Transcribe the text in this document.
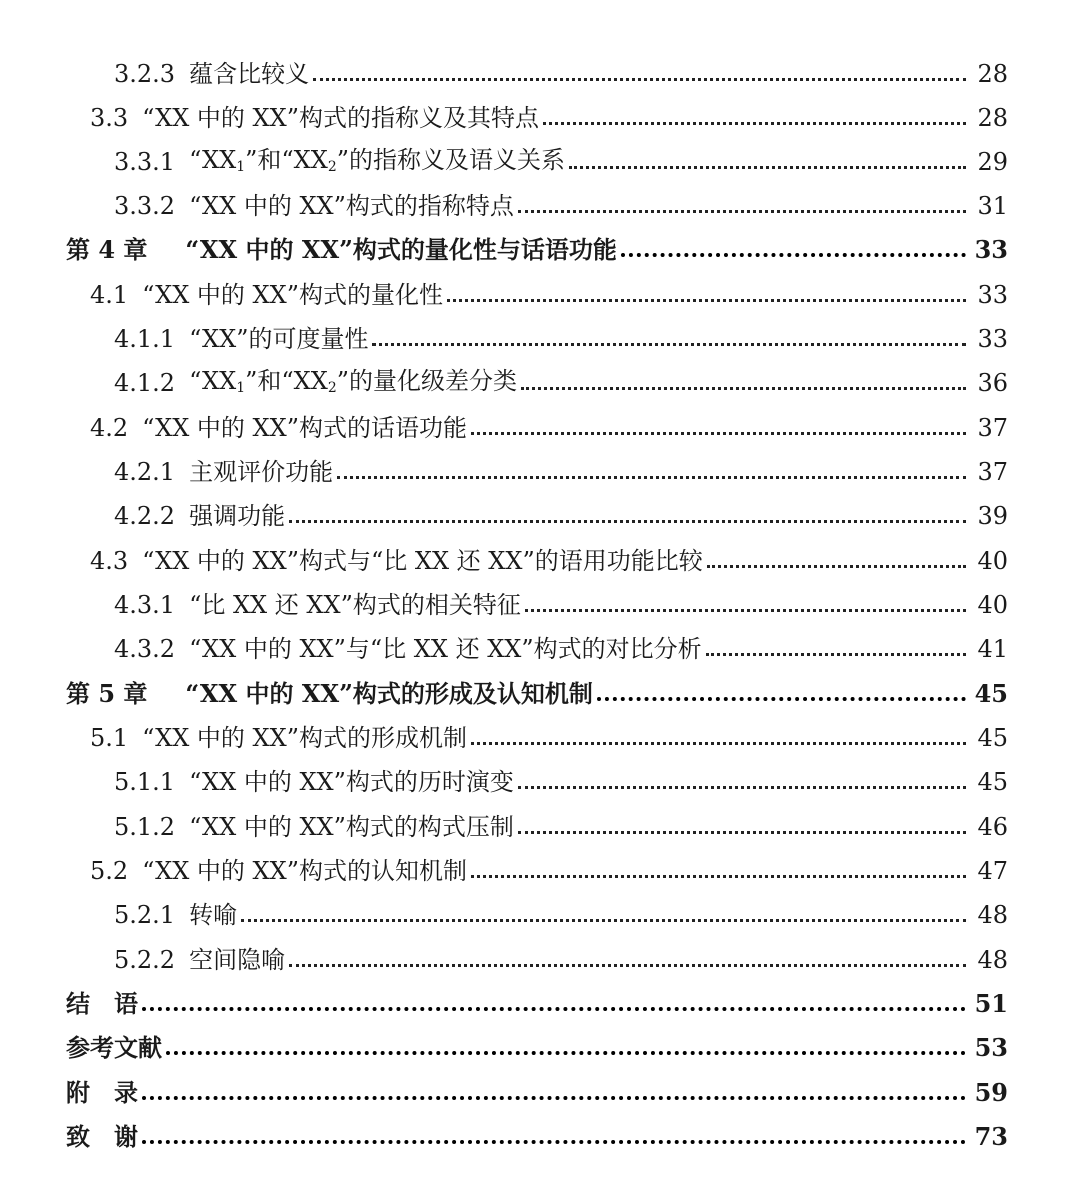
3.2.3 蕴含比较义	28
3.3 “XX 中的 XX”构式的指称义及其特点	28
3.3.1 “$XX_1$”和“$XX_2$”的指称义及语义关系	29
3.3.2 “XX 中的 XX”构式的指称特点	31
第 4 章 “XX 中的 XX”构式的量化性与话语功能	33
4.1 “XX 中的 XX”构式的量化性	33
4.1.1 “XX”的可度量性	33
4.1.2 “$XX_1$”和“$XX_2$”的量化级差分类	36
4.2 “XX 中的 XX”构式的话语功能	37
4.2.1 主观评价功能	37
4.2.2 强调功能	39
4.3 “XX 中的 XX”构式与“比 XX 还 XX”的语用功能比较	40
4.3.1 “比 XX 还 XX”构式的相关特征	40
4.3.2 “XX 中的 XX”与“比 XX 还 XX”构式的对比分析	41
第 5 章 “XX 中的 XX”构式的形成及认知机制	45
5.1 “XX 中的 XX”构式的形成机制	45
5.1.1 “XX 中的 XX”构式的历时演变	45
5.1.2 “XX 中的 XX”构式的构式压制	46
5.2 “XX 中的 XX”构式的认知机制	47
5.2.1 转喻	48
5.2.2 空间隐喻	48
结　语	51
参考文献	53
附　录	59
致　谢	73
